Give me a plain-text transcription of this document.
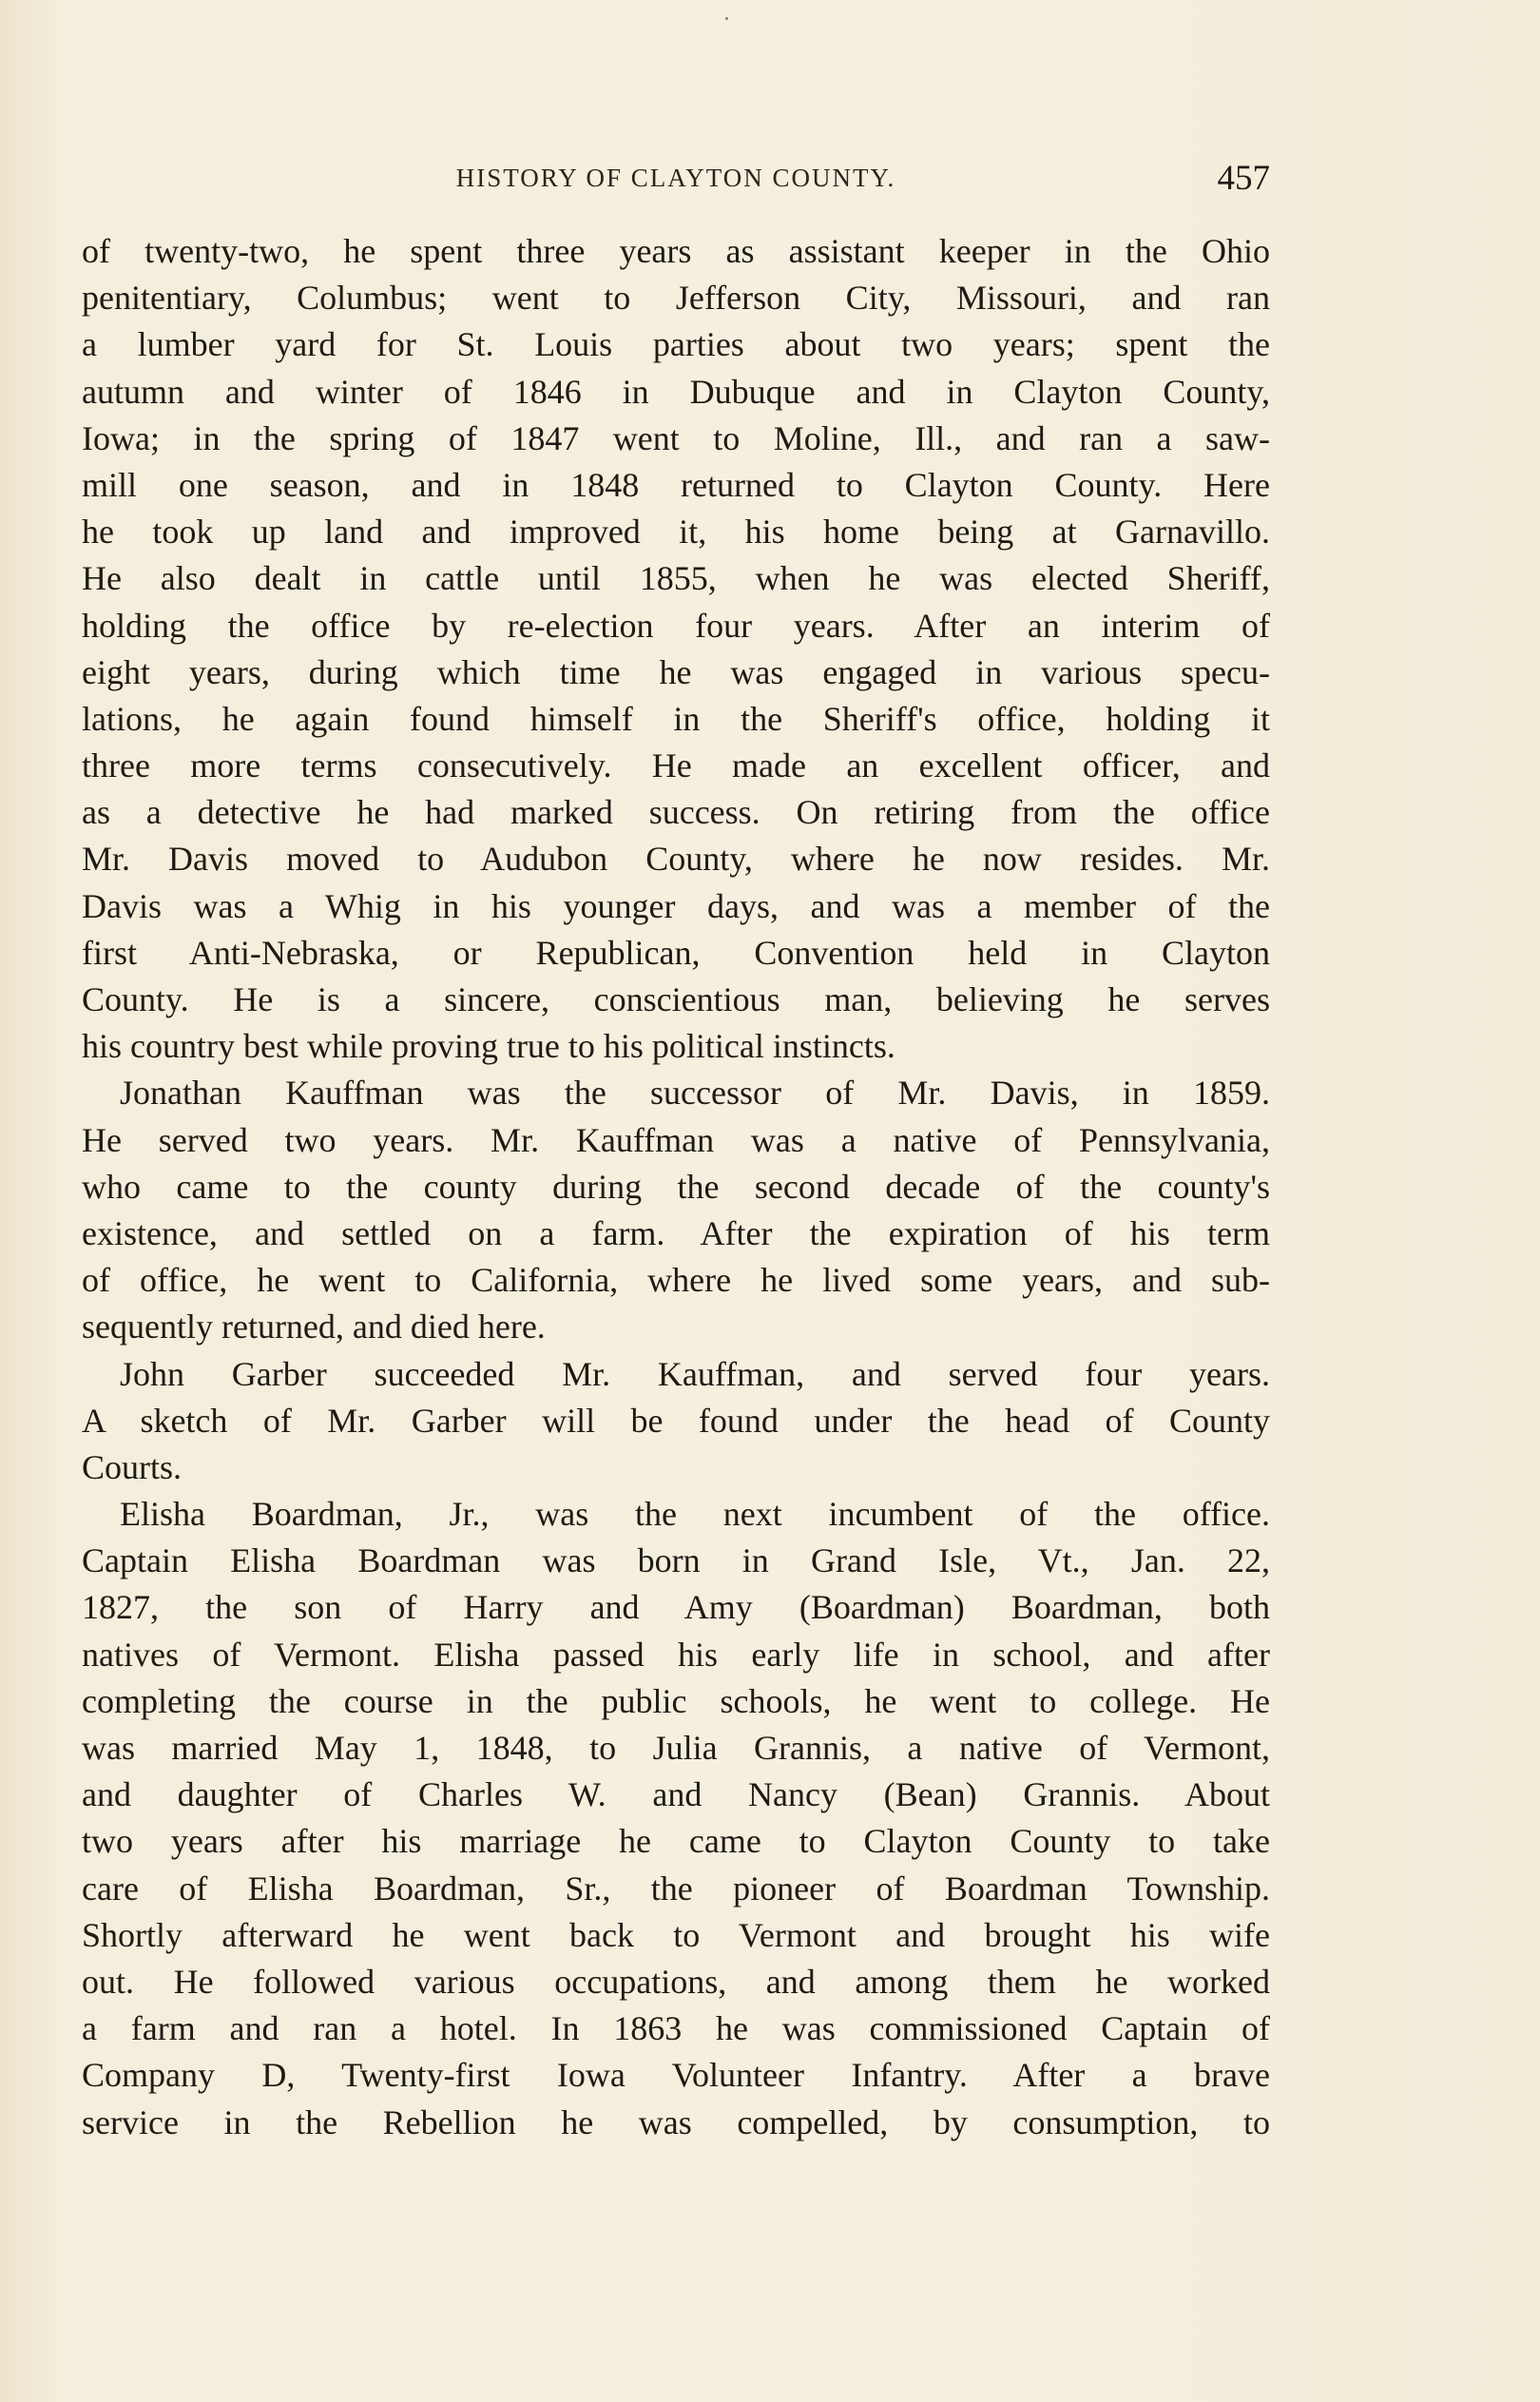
HISTORY OF CLAYTON COUNTY.	457
of twenty-two, he spent three years as assistant keeper in the Ohio
penitentiary, Columbus; went to Jefferson City, Missouri, and ran
a lumber yard for St. Louis parties about two years; spent the
autumn and winter of 1846 in Dubuque and in Clayton County,
Iowa; in the spring of 1847 went to Moline, Ill., and ran a saw-
mill one season, and in 1848 returned to Clayton County. Here
he took up land and improved it, his home being at Garnavillo.
He also dealt in cattle until 1855, when he was elected Sheriff,
holding the office by re-election four years. After an interim of
eight years, during which time he was engaged in various specu-
lations, he again found himself in the Sheriff's office, holding it
three more terms consecutively. He made an excellent officer, and
as a detective he had marked success. On retiring from the office
Mr. Davis moved to Audubon County, where he now resides. Mr.
Davis was a Whig in his younger days, and was a member of the
first Anti-Nebraska, or Republican, Convention held in Clayton
County. He is a sincere, conscientious man, believing he serves
his country best while proving true to his political instincts.
Jonathan Kauffman was the successor of Mr. Davis, in 1859.
He served two years. Mr. Kauffman was a native of Pennsylvania,
who came to the county during the second decade of the county's
existence, and settled on a farm. After the expiration of his term
of office, he went to California, where he lived some years, and sub-
sequently returned, and died here.
John Garber succeeded Mr. Kauffman, and served four years.
A sketch of Mr. Garber will be found under the head of County
Courts.
Elisha Boardman, Jr., was the next incumbent of the office.
Captain Elisha Boardman was born in Grand Isle, Vt., Jan. 22,
1827, the son of Harry and Amy (Boardman) Boardman, both
natives of Vermont. Elisha passed his early life in school, and after
completing the course in the public schools, he went to college. He
was married May 1, 1848, to Julia Grannis, a native of Vermont,
and daughter of Charles W. and Nancy (Bean) Grannis. About
two years after his marriage he came to Clayton County to take
care of Elisha Boardman, Sr., the pioneer of Boardman Township.
Shortly afterward he went back to Vermont and brought his wife
out. He followed various occupations, and among them he worked
a farm and ran a hotel. In 1863 he was commissioned Captain of
Company D, Twenty-first Iowa Volunteer Infantry. After a brave
service in the Rebellion he was compelled, by consumption, to
